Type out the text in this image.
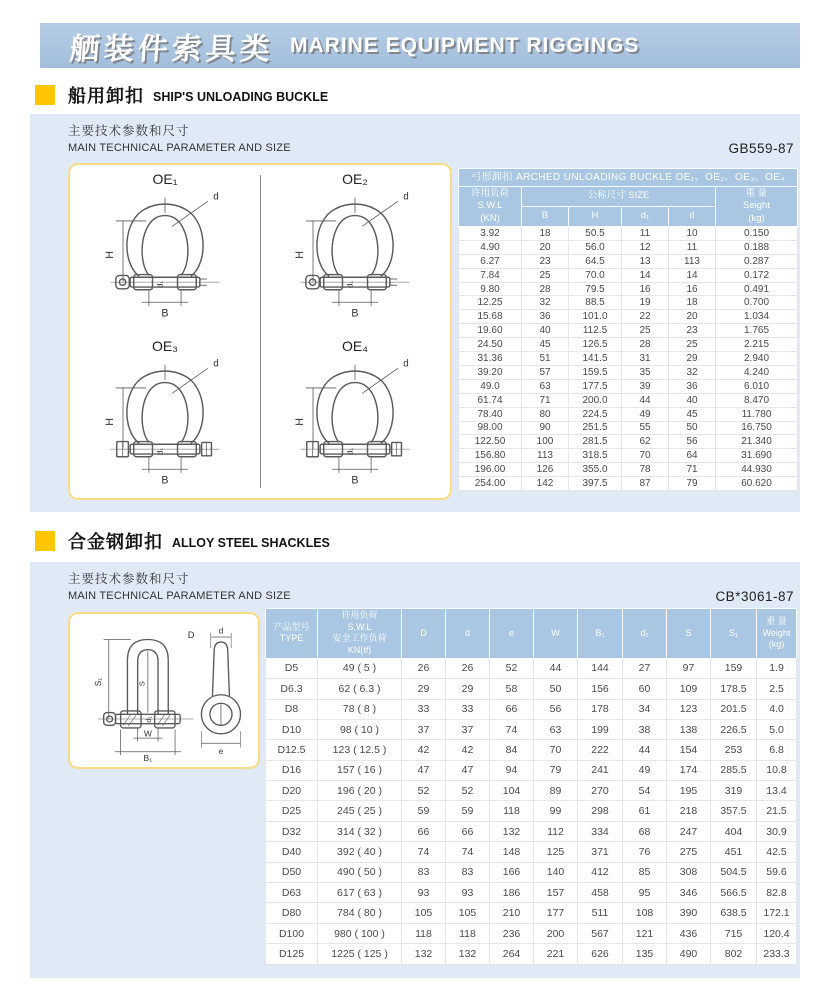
舾装件索具类 MARINE EQUIPMENT RIGGINGS
船用卸扣 SHIP'S UNLOADING BUCKLE
主要技术参数和尺寸
MAIN TECHNICAL PARAMETER AND SIZE	GB559-87
OE₁
H
B
d
d₁
OE₂
H
B
d
d₁
OE₃
H
B
d
d₁
OE₄
H
B
d
d₁
弓形卸扣 ARCHED UNLOADING BUCKLE OE₁、OE₂、OE₃、OE₄					

许用负荷
S.W.L
(KN)	公称尺寸 SIZE				重 量
Seight
(kg)

	B	H	d₁	d	
3.92	18	50.5	11	10	0.150
4.90	20	56.0	12	11	0.188
6.27	23	64.5	13	113	0.287
7.84	25	70.0	14	14	0.172
9.80	28	79.5	16	16	0.491
12.25	32	88.5	19	18	0.700
15.68	36	101.0	22	20	1.034
19.60	40	112.5	25	23	1.765
24.50	45	126.5	28	25	2.215
31.36	51	141.5	31	29	2.940
39.20	57	159.5	35	32	4.240
49.0	63	177.5	39	36	6.010
61.74	71	200.0	44	40	8.470
78.40	80	224.5	49	45	11.780
98.00	90	251.5	55	50	16.750
122.50	100	281.5	62	56	21.340
156.80	113	318.5	70	64	31.690
196.00	126	355.0	78	71	44.930
254.00	142	397.5	87	79	60.620
合金钢卸扣 ALLOY STEEL SHACKLES
主要技术参数和尺寸
MAIN TECHNICAL PARAMETER AND SIZE	CB*3061-87
D
S₁	S
d₁
W
B₁
d
e
产品型号
TYPE	许用负荷
S.W.L
安全工作负荷
KN(tf)	D	d	e	W	B₁	d₁	S	S₁	重 量
Weight
(kg)

D5	49 ( 5 )	26	26	52	44	144	27	97	159	1.9
D6.3	62 ( 6.3 )	29	29	58	50	156	60	109	178.5	2.5
D8	78 ( 8 )	33	33	66	56	178	34	123	201.5	4.0
D10	98 ( 10 )	37	37	74	63	199	38	138	226.5	5.0
D12.5	123 ( 12.5 )	42	42	84	70	222	44	154	253	6.8
D16	157 ( 16 )	47	47	94	79	241	49	174	285.5	10.8
D20	196 ( 20 )	52	52	104	89	270	54	195	319	13.4
D25	245 ( 25 )	59	59	118	99	298	61	218	357.5	21.5
D32	314 ( 32 )	66	66	132	112	334	68	247	404	30.9
D40	392 ( 40 )	74	74	148	125	371	76	275	451	42.5
D50	490 ( 50 )	83	83	166	140	412	85	308	504.5	59.6
D63	617 ( 63 )	93	93	186	157	458	95	346	566.5	82.8
D80	784 ( 80 )	105	105	210	177	511	108	390	638.5	172.1
D100	980 ( 100 )	118	118	236	200	567	121	436	715	120.4
D125	1225 ( 125 )	132	132	264	221	626	135	490	802	233.3
